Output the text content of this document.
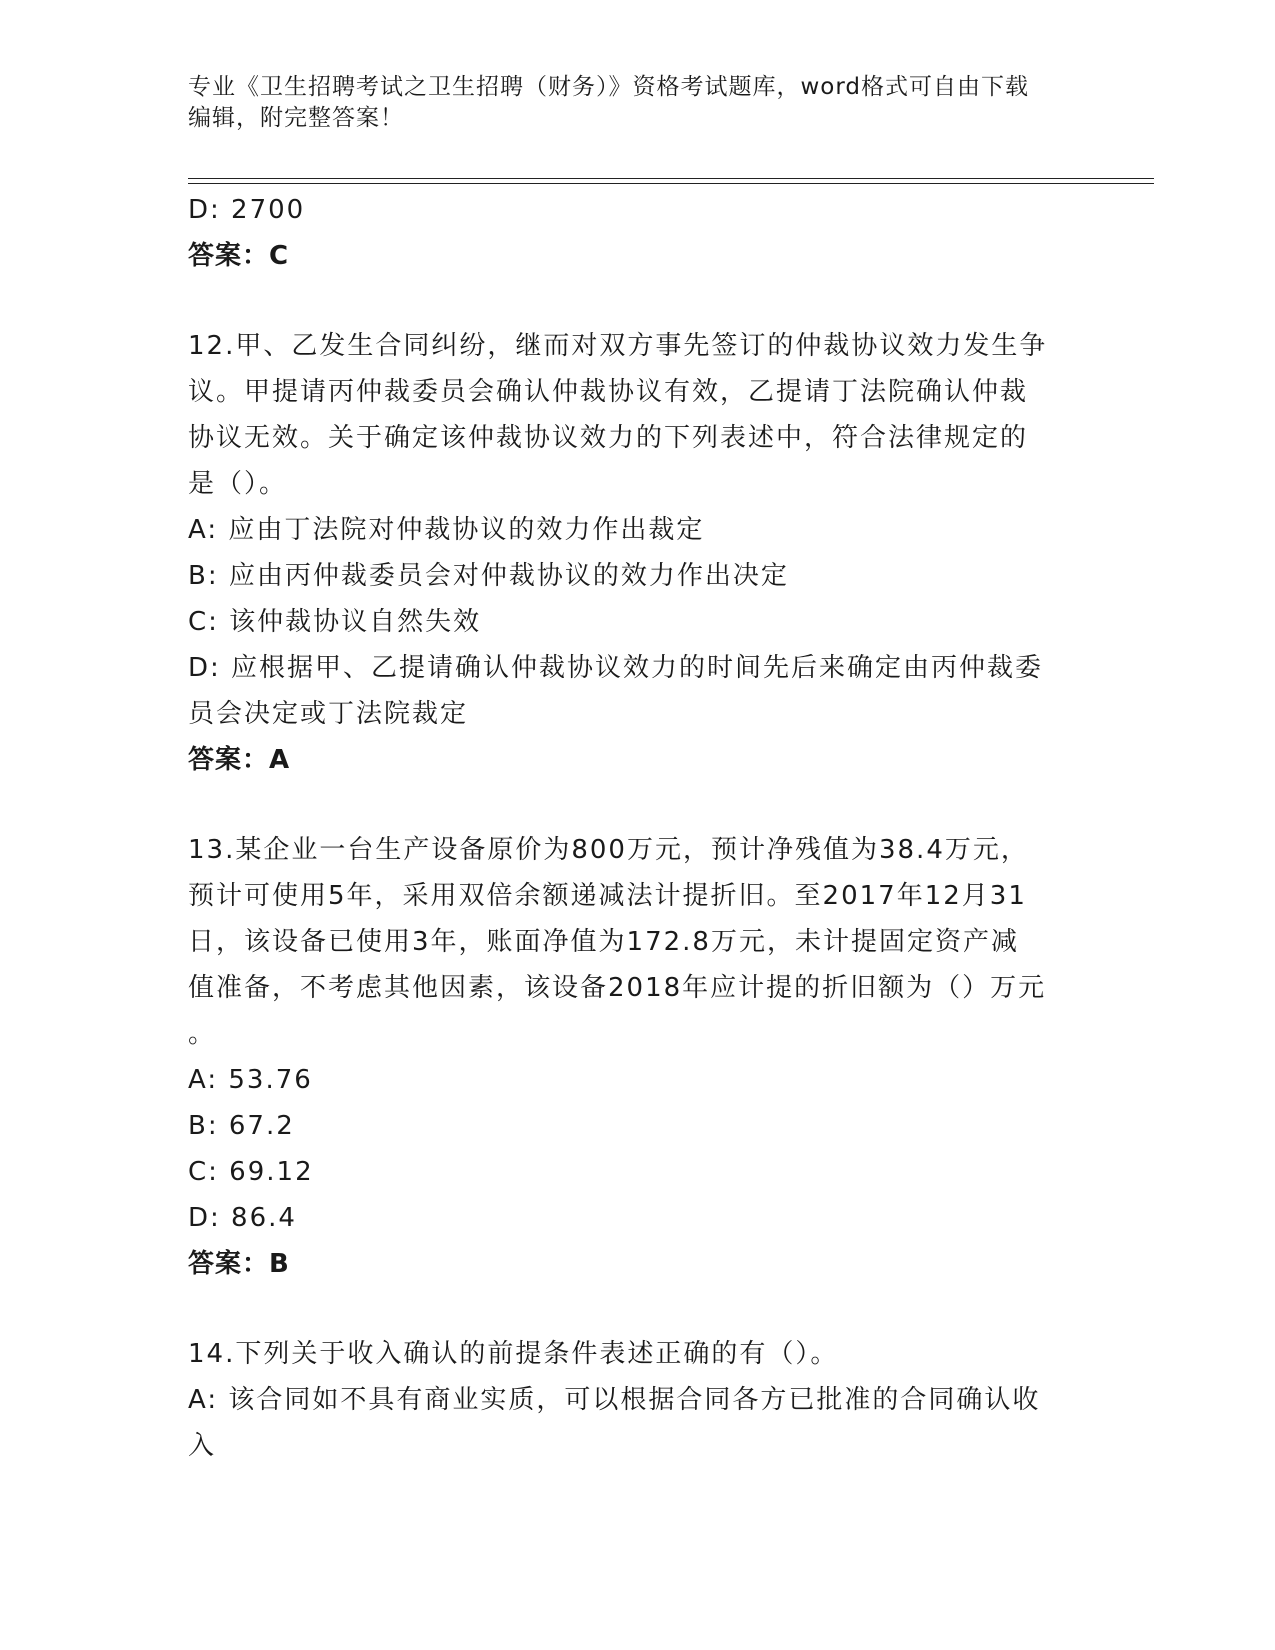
专业《卫生招聘考试之卫生招聘（财务）》资格考试题库，word格式可自由下载
编辑，附完整答案！
D: 2700
答案：C
12.甲、乙发生合同纠纷，继而对双方事先签订的仲裁协议效力发生争
议。甲提请丙仲裁委员会确认仲裁协议有效，乙提请丁法院确认仲裁
协议无效。关于确定该仲裁协议效力的下列表述中，符合法律规定的
是（）。
A: 应由丁法院对仲裁协议的效力作出裁定
B: 应由丙仲裁委员会对仲裁协议的效力作出决定
C: 该仲裁协议自然失效
D: 应根据甲、乙提请确认仲裁协议效力的时间先后来确定由丙仲裁委
员会决定或丁法院裁定
答案：A
13.某企业一台生产设备原价为800万元，预计净残值为38.4万元，
预计可使用5年，采用双倍余额递减法计提折旧。至2017年12月31
日，该设备已使用3年，账面净值为172.8万元，未计提固定资产减
值准备，不考虑其他因素，该设备2018年应计提的折旧额为（）万元
。
A: 53.76
B: 67.2
C: 69.12
D: 86.4
答案：B
14.下列关于收入确认的前提条件表述正确的有（）。
A: 该合同如不具有商业实质，可以根据合同各方已批准的合同确认收
入
